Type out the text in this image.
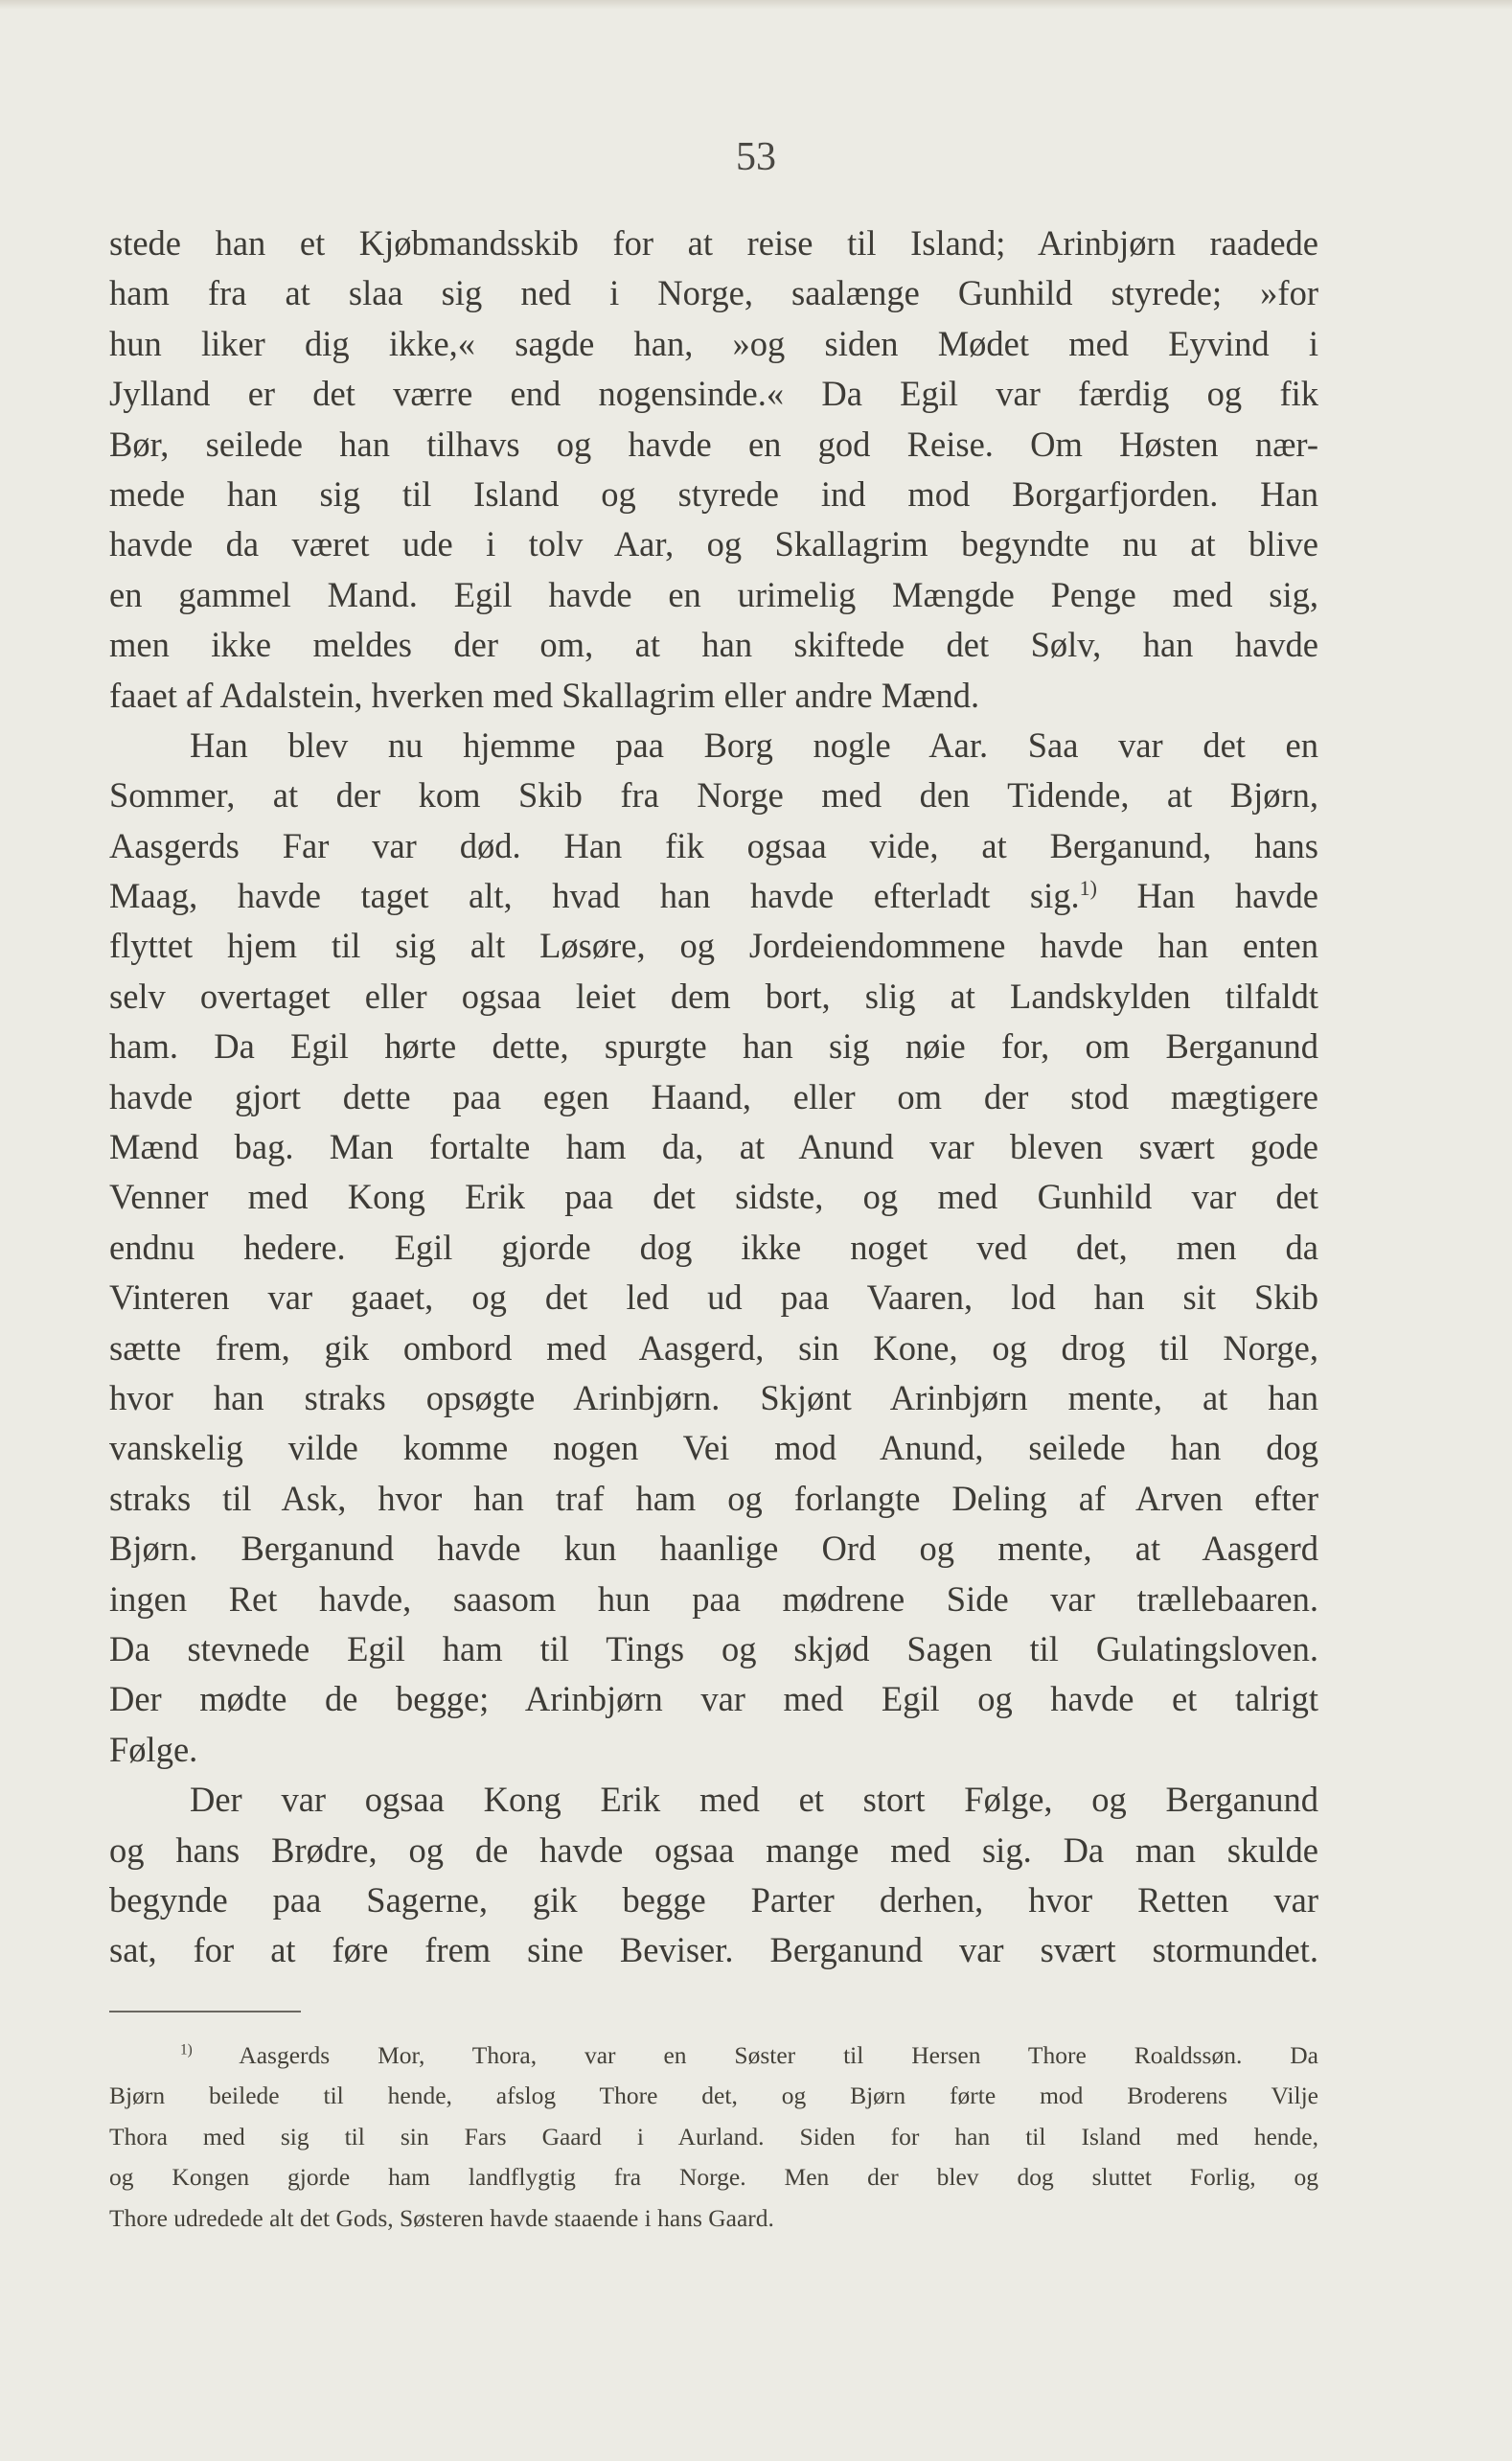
53
stede han et Kjøbmandsskib for at reise til Island; Arinbjørn raadede
ham fra at slaa sig ned i Norge, saalænge Gunhild styrede; »for
hun liker dig ikke,« sagde han, »og siden Mødet med Eyvind i
Jylland er det værre end nogensinde.« Da Egil var færdig og fik
Bør, seilede han tilhavs og havde en god Reise. Om Høsten nær-
mede han sig til Island og styrede ind mod Borgarfjorden. Han
havde da været ude i tolv Aar, og Skallagrim begyndte nu at blive
en gammel Mand. Egil havde en urimelig Mængde Penge med sig,
men ikke meldes der om, at han skiftede det Sølv, han havde
faaet af Adalstein, hverken med Skallagrim eller andre Mænd.
Han blev nu hjemme paa Borg nogle Aar. Saa var det en
Sommer, at der kom Skib fra Norge med den Tidende, at Bjørn,
Aasgerds Far var død. Han fik ogsaa vide, at Berganund, hans
Maag, havde taget alt, hvad han havde efterladt sig.$^{1)}$ Han havde
flyttet hjem til sig alt Løsøre, og Jordeiendommene havde han enten
selv overtaget eller ogsaa leiet dem bort, slig at Landskylden tilfaldt
ham. Da Egil hørte dette, spurgte han sig nøie for, om Berganund
havde gjort dette paa egen Haand, eller om der stod mægtigere
Mænd bag. Man fortalte ham da, at Anund var bleven svært gode
Venner med Kong Erik paa det sidste, og med Gunhild var det
endnu hedere. Egil gjorde dog ikke noget ved det, men da
Vinteren var gaaet, og det led ud paa Vaaren, lod han sit Skib
sætte frem, gik ombord med Aasgerd, sin Kone, og drog til Norge,
hvor han straks opsøgte Arinbjørn. Skjønt Arinbjørn mente, at han
vanskelig vilde komme nogen Vei mod Anund, seilede han dog
straks til Ask, hvor han traf ham og forlangte Deling af Arven efter
Bjørn. Berganund havde kun haanlige Ord og mente, at Aasgerd
ingen Ret havde, saasom hun paa mødrene Side var trællebaaren.
Da stevnede Egil ham til Tings og skjød Sagen til Gulatingsloven.
Der mødte de begge; Arinbjørn var med Egil og havde et talrigt
Følge.
Der var ogsaa Kong Erik med et stort Følge, og Berganund
og hans Brødre, og de havde ogsaa mange med sig. Da man skulde
begynde paa Sagerne, gik begge Parter derhen, hvor Retten var
sat, for at føre frem sine Beviser. Berganund var svært stormundet.
$^{1)}$ Aasgerds Mor, Thora, var en Søster til Hersen Thore Roaldssøn. Da
Bjørn beilede til hende, afslog Thore det, og Bjørn førte mod Broderens Vilje
Thora med sig til sin Fars Gaard i Aurland. Siden for han til Island med hende,
og Kongen gjorde ham landflygtig fra Norge. Men der blev dog sluttet Forlig, og
Thore udredede alt det Gods, Søsteren havde staaende i hans Gaard.
